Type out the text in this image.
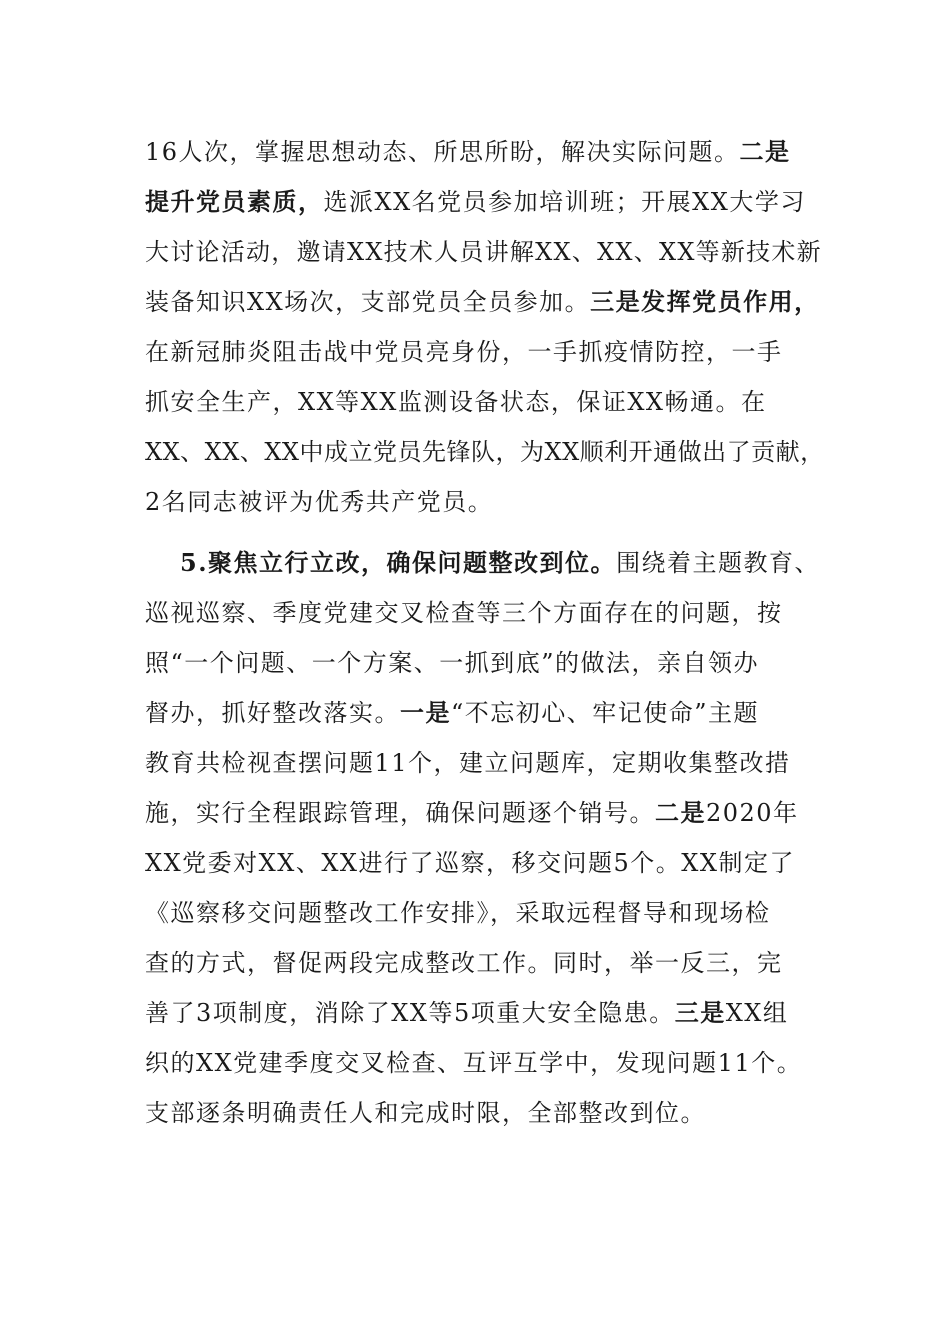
16人次，掌握思想动态、所思所盼，解决实际问题。二是
提升党员素质，选派XX名党员参加培训班；开展XX大学习
大讨论活动，邀请XX技术人员讲解XX、XX、XX等新技术新
装备知识XX场次，支部党员全员参加。三是发挥党员作用，
在新冠肺炎阻击战中党员亮身份，一手抓疫情防控，一手
抓安全生产，XX等XX监测设备状态，保证XX畅通。在
XX、XX、XX中成立党员先锋队，为XX顺利开通做出了贡献，
2名同志被评为优秀共产党员。
5.聚焦立行立改，确保问题整改到位。围绕着主题教育、
巡视巡察、季度党建交叉检查等三个方面存在的问题，按
照“一个问题、一个方案、一抓到底”的做法，亲自领办
督办，抓好整改落实。一是“不忘初心、牢记使命”主题
教育共检视查摆问题11个，建立问题库，定期收集整改措
施，实行全程跟踪管理，确保问题逐个销号。二是2020年
XX党委对XX、XX进行了巡察，移交问题5个。XX制定了
《巡察移交问题整改工作安排》，采取远程督导和现场检
查的方式，督促两段完成整改工作。同时，举一反三，完
善了3项制度，消除了XX等5项重大安全隐患。三是XX组
织的XX党建季度交叉检查、互评互学中，发现问题11个。
支部逐条明确责任人和完成时限，全部整改到位。
